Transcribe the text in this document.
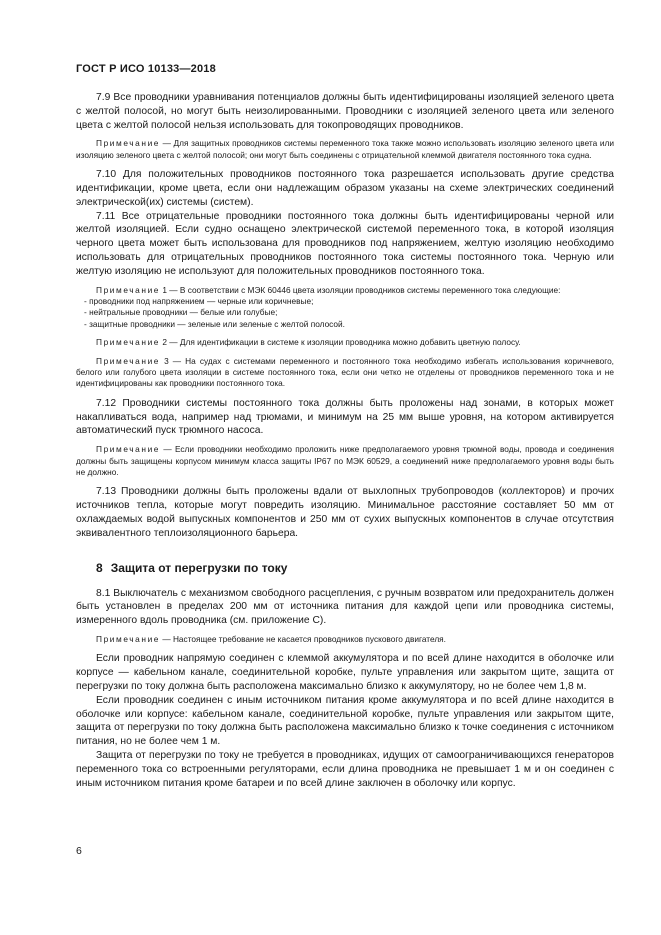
ГОСТ Р ИСО 10133—2018

7.9 Все проводники уравнивания потенциалов должны быть идентифицированы изоляцией зеленого цвета с желтой полосой, но могут быть неизолированными. Проводники с изоляцией зеленого цвета или зеленого цвета с желтой полосой нельзя использовать для токопроводящих проводников.

Примечание — Для защитных проводников системы переменного тока также можно использовать изоляцию зеленого цвета или изоляцию зеленого цвета с желтой полосой; они могут быть соединены с отрицательной клеммой двигателя постоянного тока судна.

7.10 Для положительных проводников постоянного тока разрешается использовать другие средства идентификации, кроме цвета, если они надлежащим образом указаны на схеме электрических соединений электрической(их) системы (систем).

7.11 Все отрицательные проводники постоянного тока должны быть идентифицированы черной или желтой изоляцией. Если судно оснащено электрической системой переменного тока, в которой изоляция черного цвета может быть использована для проводников под напряжением, желтую изоляцию необходимо использовать для отрицательных проводников постоянного тока системы постоянного тока. Черную или желтую изоляцию не используют для положительных проводников постоянного тока.

Примечание 1 — В соответствии с МЭК 60446 цвета изоляции проводников системы переменного тока следующие:

- проводники под напряжением — черные или коричневые;

- нейтральные проводники — белые или голубые;

- защитные проводники — зеленые или зеленые с желтой полосой.

Примечание 2 — Для идентификации в системе к изоляции проводника можно добавить цветную полосу.

Примечание 3 — На судах с системами переменного и постоянного тока необходимо избегать использования коричневого, белого или голубого цвета изоляции в системе постоянного тока, если они четко не отделены от проводников переменного тока и не идентифицированы как проводники постоянного тока.

7.12 Проводники системы постоянного тока должны быть проложены над зонами, в которых может накапливаться вода, например над трюмами, и минимум на 25 мм выше уровня, на котором активируется автоматический пуск трюмного насоса.

Примечание — Если проводники необходимо проложить ниже предполагаемого уровня трюмной воды, провода и соединения должны быть защищены корпусом минимум класса защиты IP67 по МЭК 60529, а соединений ниже предполагаемого уровня воды быть не должно.

7.13 Проводники должны быть проложены вдали от выхлопных трубопроводов (коллекторов) и прочих источников тепла, которые могут повредить изоляцию. Минимальное расстояние составляет 50 мм от охлаждаемых водой выпускных компонентов и 250 мм от сухих выпускных компонентов в случае отсутствия эквивалентного теплоизоляционного барьера.

8 Защита от перегрузки по току

8.1 Выключатель с механизмом свободного расцепления, с ручным возвратом или предохранитель должен быть установлен в пределах 200 мм от источника питания для каждой цепи или проводника системы, измеренного вдоль проводника (см. приложение С).

Примечание — Настоящее требование не касается проводников пускового двигателя.

Если проводник напрямую соединен с клеммой аккумулятора и по всей длине находится в оболочке или корпусе — кабельном канале, соединительной коробке, пульте управления или закрытом щите, защита от перегрузки по току должна быть расположена максимально близко к аккумулятору, но не более чем 1,8 м.

Если проводник соединен с иным источником питания кроме аккумулятора и по всей длине находится в оболочке или корпусе: кабельном канале, соединительной коробке, пульте управления или закрытом щите, защита от перегрузки по току должна быть расположена максимально близко к точке соединения с источником питания, но не более чем 1 м.

Защита от перегрузки по току не требуется в проводниках, идущих от самоограничивающихся генераторов переменного тока со встроенными регуляторами, если длина проводника не превышает 1 м и он соединен с иным источником питания кроме батареи и по всей длине заключен в оболочку или корпус.

6
